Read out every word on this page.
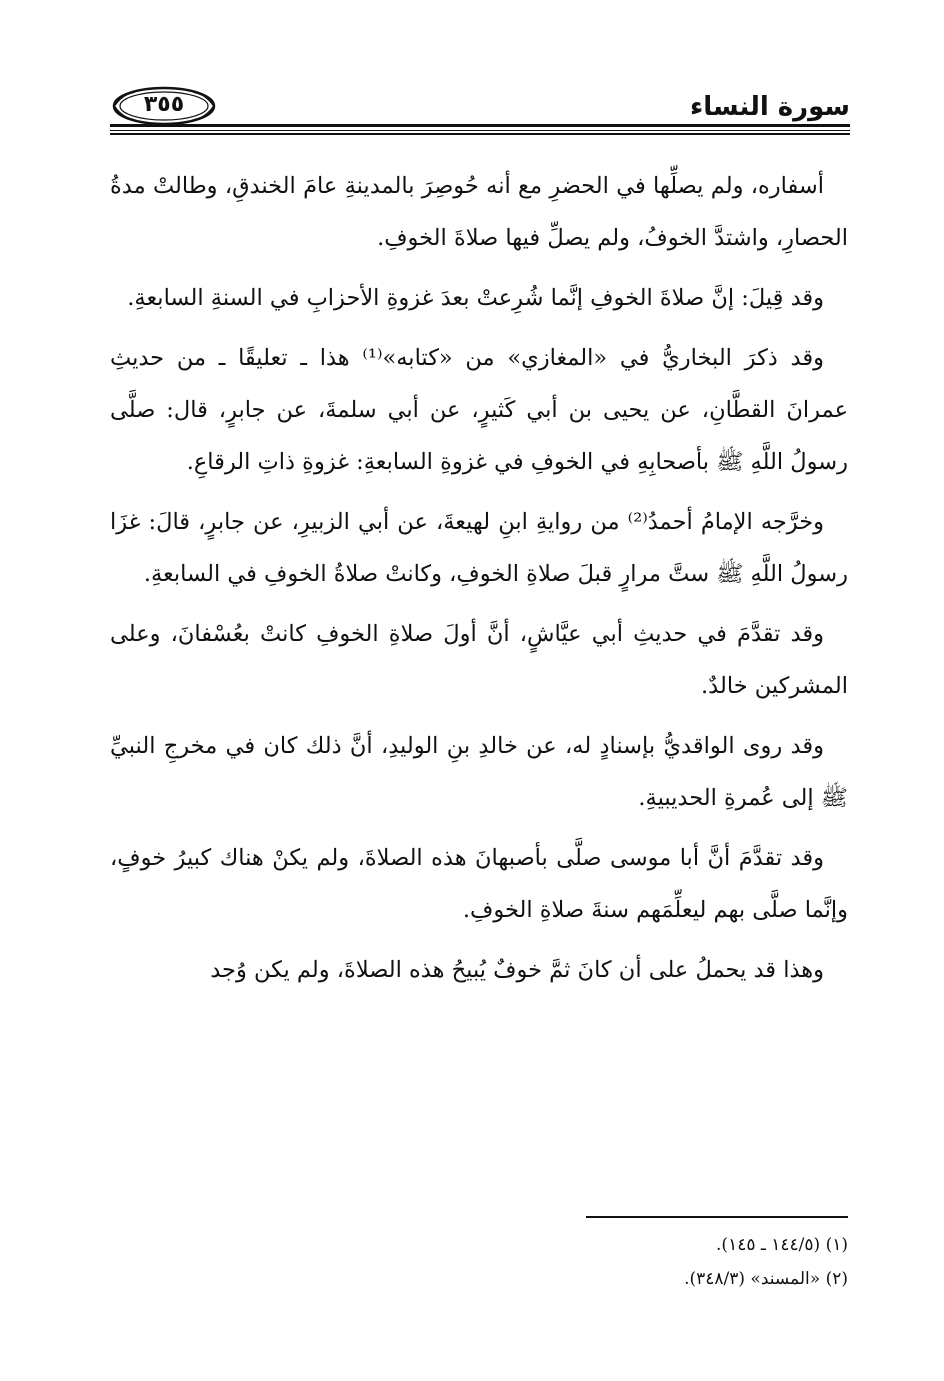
سورة النساء
٣٥٥

أسفاره، ولم يصلِّها في الحضرِ مع أنه حُوصِرَ بالمدينةِ عامَ الخندقِ، وطالتْ مدةُ الحصارِ، واشتدَّ الخوفُ، ولم يصلِّ فيها صلاةَ الخوفِ.

وقد قِيلَ: إنَّ صلاةَ الخوفِ إنَّما شُرِعتْ بعدَ غزوةِ الأحزابِ في السنةِ السابعةِ.

وقد ذكرَ البخاريُّ في «المغازي» من «كتابه»⁽¹⁾ هذا ـ تعليقًا ـ من حديثِ عمرانَ القطَّانِ، عن يحيى بن أبي كَثيرٍ، عن أبي سلمةَ، عن جابرٍ، قال: صلَّى رسولُ اللَّهِ ﷺ بأصحابِهِ في الخوفِ في غزوةِ السابعةِ: غزوةِ ذاتِ الرقاعِ.

وخرَّجه الإمامُ أحمدُ⁽²⁾ من روايةِ ابنِ لهيعةَ، عن أبي الزبيرِ، عن جابرٍ، قالَ: غزَا رسولُ اللَّهِ ﷺ ستَّ مرارٍ قبلَ صلاةِ الخوفِ، وكانتْ صلاةُ الخوفِ في السابعةِ.

وقد تقدَّمَ في حديثِ أبي عيَّاشٍ، أنَّ أولَ صلاةِ الخوفِ كانتْ بعُسْفانَ، وعلى المشركين خالدٌ.

وقد روى الواقديُّ بإسنادٍ له، عن خالدِ بنِ الوليدِ، أنَّ ذلك كان في مخرجِ النبيِّ ﷺ إلى عُمرةِ الحديبيةِ.

وقد تقدَّمَ أنَّ أبا موسى صلَّى بأصبهانَ هذه الصلاةَ، ولم يكنْ هناك كبيرُ خوفٍ، وإنَّما صلَّى بهم ليعلِّمَهم سنةَ صلاةِ الخوفِ.

وهذا قد يحملُ على أن كانَ ثمَّ خوفٌ يُبيحُ هذه الصلاةَ، ولم يكن وُجد

(١) (١٤٤/٥ ـ ١٤٥).
(٢) «المسند» (٣٤٨/٣).
